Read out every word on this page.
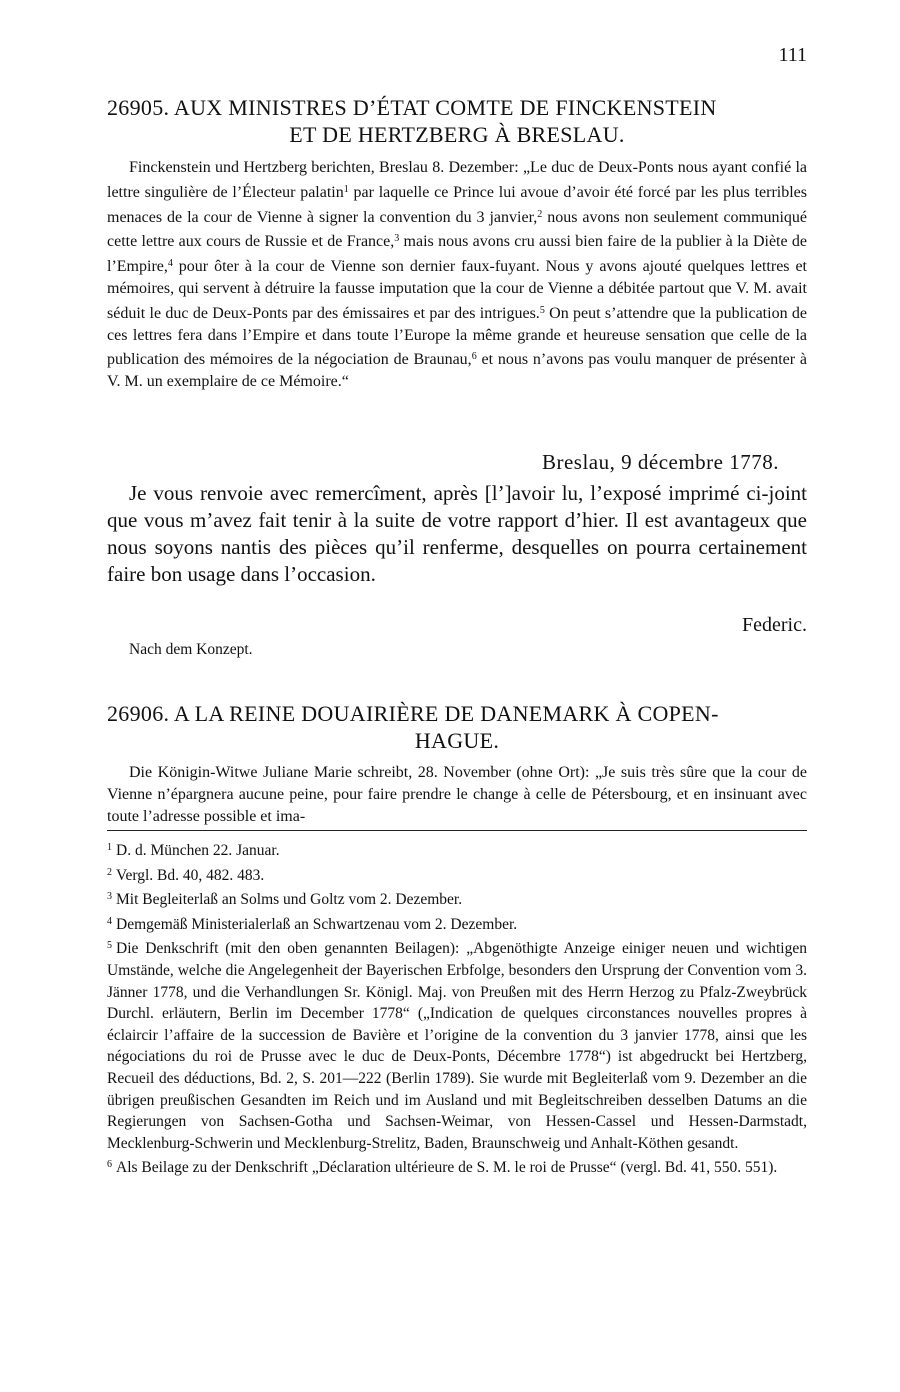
111
26905. AUX MINISTRES D’ÉTAT COMTE DE FINCKENSTEIN
ET DE HERTZBERG À BRESLAU.

Finckenstein und Hertzberg berichten, Breslau 8. Dezember: „Le duc de Deux-Ponts nous ayant confié la lettre singulière de l’Électeur palatin$^1$ par laquelle ce Prince lui avoue d’avoir été forcé par les plus terribles menaces de la cour de Vienne à signer la convention du 3 janvier,$^2$ nous avons non seulement communiqué cette lettre aux cours de Russie et de France,$^3$ mais nous avons cru aussi bien faire de la publier à la Diète de l’Empire,$^4$ pour ôter à la cour de Vienne son dernier faux-fuyant. Nous y avons ajouté quelques lettres et mémoires, qui servent à détruire la fausse imputation que la cour de Vienne a débitée partout que V. M. avait séduit le duc de Deux-Ponts par des émissaires et par des intrigues.$^5$ On peut s’attendre que la publication de ces lettres fera dans l’Empire et dans toute l’Europe la même grande et heureuse sensation que celle de la publication des mémoires de la négociation de Braunau,$^6$ et nous n’avons pas voulu manquer de présenter à V. M. un exemplaire de ce Mémoire.“

Breslau, 9 décembre 1778.

Je vous renvoie avec remercîment, après [l’]avoir lu, l’exposé imprimé ci-joint que vous m’avez fait tenir à la suite de votre rapport d’hier. Il est avantageux que nous soyons nantis des pièces qu’il renferme, desquelles on pourra certainement faire bon usage dans l’occasion.

Federic.
Nach dem Konzept.
26906. A LA REINE DOUAIRIÈRE DE DANEMARK À COPEN-
HAGUE.

Die Königin-Witwe Juliane Marie schreibt, 28. November (ohne Ort): „Je suis très sûre que la cour de Vienne n’épargnera aucune peine, pour faire prendre le change à celle de Pétersbourg, et en insinuant avec toute l’adresse possible et ima-

$^1$ D. d. München 22. Januar.

$^2$ Vergl. Bd. 40, 482. 483.

$^3$ Mit Begleiterlaß an Solms und Goltz vom 2. Dezember.

$^4$ Demgemäß Ministerialerlaß an Schwartzenau vom 2. Dezember.

$^5$ Die Denkschrift (mit den oben genannten Beilagen): „Abgenöthigte Anzeige einiger neuen und wichtigen Umstände, welche die Angelegenheit der Bayerischen Erbfolge, besonders den Ursprung der Convention vom 3. Jänner 1778, und die Verhandlungen Sr. Königl. Maj. von Preußen mit des Herrn Herzog zu Pfalz-Zweybrück Durchl. erläutern, Berlin im December 1778“ („Indication de quelques circonstances nouvelles propres à éclaircir l’affaire de la succession de Bavière et l’origine de la convention du 3 janvier 1778, ainsi que les négociations du roi de Prusse avec le duc de Deux-Ponts, Décembre 1778“) ist abgedruckt bei Hertzberg, Recueil des déductions, Bd. 2, S. 201—222 (Berlin 1789). Sie wurde mit Begleiterlaß vom 9. Dezember an die übrigen preußischen Gesandten im Reich und im Ausland und mit Begleitschreiben desselben Datums an die Regierungen von Sachsen-Gotha und Sachsen-Weimar, von Hessen-Cassel und Hessen-Darmstadt, Mecklenburg-Schwerin und Mecklenburg-Strelitz, Baden, Braunschweig und Anhalt-Köthen gesandt.

$^6$ Als Beilage zu der Denkschrift „Déclaration ultérieure de S. M. le roi de Prusse“ (vergl. Bd. 41, 550. 551).
